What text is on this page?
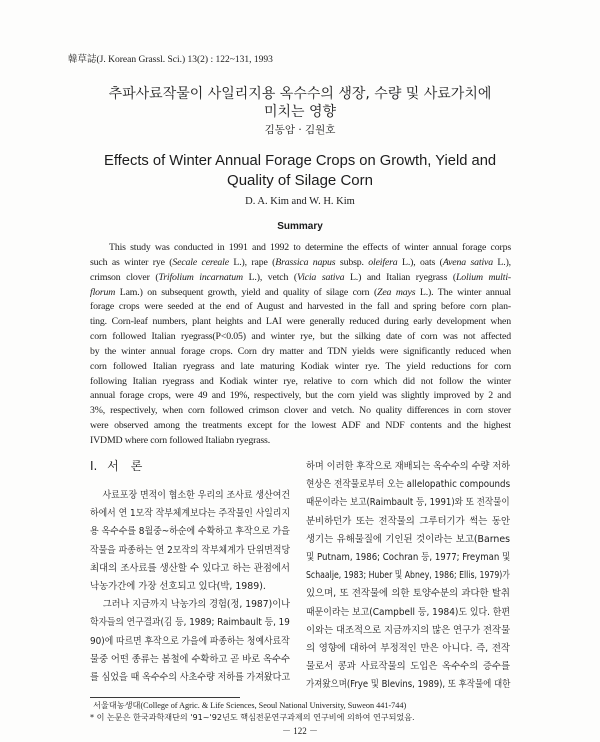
韓草誌(J. Korean Grassl. Sci.) 13(2) : 122~131, 1993
추파사료작물이 사일리지용 옥수수의 생장, 수량 및 사료가치에
미치는 영향
김동암 · 김원호
Effects of Winter Annual Forage Crops on Growth, Yield and
Quality of Silage Corn
D. A. Kim and W. H. Kim
Summary
This study was conducted in 1991 and 1992 to determine the effects of winter annual forage corps
such as winter rye (Secale cereale L.), rape (Brassica napus subsp. oleifera L.), oats (Avena sativa L.),
crimson clover (Trifolium incarnatum L.), vetch (Vicia sativa L.) and Italian ryegrass (Lolium multi-
florum Lam.) on subsequent growth, yield and quality of silage corn (Zea mays L.). The winter annual
forage crops were seeded at the end of August and harvested in the fall and spring before corn plan-
ting. Corn-leaf numbers, plant heights and LAI were generally reduced during early development when
corn followed Italian ryegrass(P<0.05) and winter rye, but the silking date of corn was not affected
by the winter annual forage crops. Corn dry matter and TDN yields were significantly reduced when
corn followed Italian ryegrass and late maturing Kodiak winter rye. The yield reductions for corn
following Italian ryegrass and Kodiak winter rye, relative to corn which did not follow the winter
annual forage crops, were 49 and 19%, respectively, but the corn yield was slightly improved by 2 and
3%, respectively, when corn followed crimson clover and vetch. No quality differences in corn stover
were observed among the treatments except for the lowest ADF and NDF contents and the highest
IVDMD where corn followed Italiabn ryegrass.
Ⅰ. 서　론
사료포장 면적이 협소한 우리의 조사료 생산여건
하에서 연 1모작 작부체계보다는 주작물인 사일리지
용 옥수수를 8월중~하순에 수확하고 후작으로 가을
작물을 파종하는 연 2모작의 작부체계가 단위면적당
최대의 조사료를 생산할 수 있다고 하는 관점에서
낙농가간에 가장 선호되고 있다(박, 1989).
그러나 지금까지 낙농가의 경험(정, 1987)이나
학자들의 연구결과(김 등, 1989; Raimbault 등, 19
90)에 따르면 후작으로 가을에 파종하는 청예사료작
물중 어떤 종류는 봄철에 수확하고 곧 바로 옥수수
를 심었을 때 옥수수의 사초수량 저하를 가져왔다고
하며 이러한 후작으로 재배되는 옥수수의 수량 저하
현상은 전작물로부터 오는 allelopathic compounds
때문이라는 보고(Raimbault 등, 1991)와 또 전작물이
분비하던가 또는 전작물의 그루터기가 썩는 동안
생기는 유해물질에 기인된 것이라는 보고(Barnes
및 Putnam, 1986; Cochran 등, 1977; Freyman 및
Schaalje, 1983; Huber 및 Abney, 1986; Ellis, 1979)가
있으며, 또 전작물에 의한 토양수분의 과다한 탈취
때문이라는 보고(Campbell 등, 1984)도 있다. 한편
이와는 대조적으로 지금까지의 많은 연구가 전작물
의 영향에 대하여 부정적인 만은 아니다. 즉, 전작
물로서 콩과 사료작물의 도입은 옥수수의 증수를
가져왔으며(Frye 및 Blevins, 1989), 또 후작물에 대한
서울대농생대(College of Agric. & Life Sciences, Seoul National University, Suweon 441-744)
* 이 논문은 한국과학재단의 '91~'92년도 핵심전문연구과제의 연구비에 의하여 연구되었음.
－ 122 －
